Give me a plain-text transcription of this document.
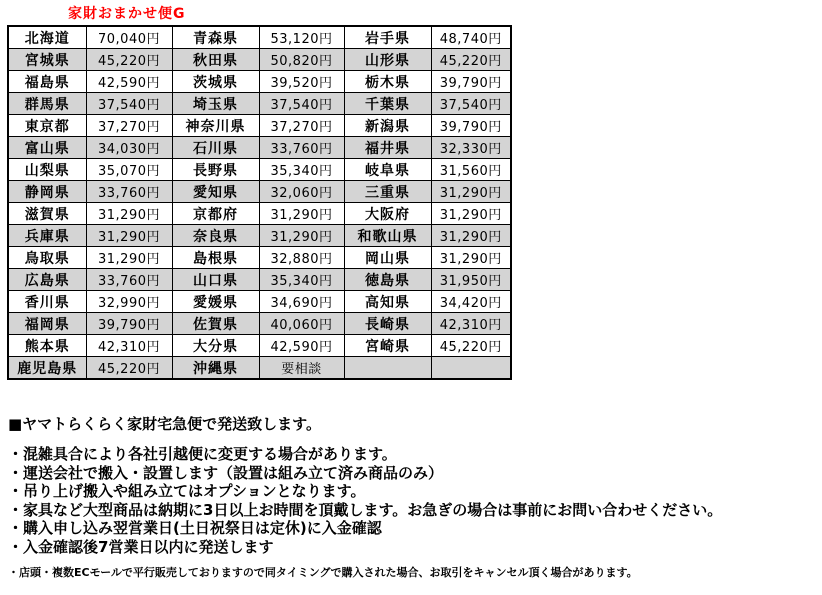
家財おまかせ便G
北海道	70,040円	青森県	53,120円	岩手県	48,740円
宮城県	45,220円	秋田県	50,820円	山形県	45,220円
福島県	42,590円	茨城県	39,520円	栃木県	39,790円
群馬県	37,540円	埼玉県	37,540円	千葉県	37,540円
東京都	37,270円	神奈川県	37,270円	新潟県	39,790円
富山県	34,030円	石川県	33,760円	福井県	32,330円
山梨県	35,070円	長野県	35,340円	岐阜県	31,560円
静岡県	33,760円	愛知県	32,060円	三重県	31,290円
滋賀県	31,290円	京都府	31,290円	大阪府	31,290円
兵庫県	31,290円	奈良県	31,290円	和歌山県	31,290円
鳥取県	31,290円	島根県	32,880円	岡山県	31,290円
広島県	33,760円	山口県	35,340円	徳島県	31,950円
香川県	32,990円	愛媛県	34,690円	高知県	34,420円
福岡県	39,790円	佐賀県	40,060円	長崎県	42,310円
熊本県	42,310円	大分県	42,590円	宮崎県	45,220円
鹿児島県	45,220円	沖縄県	要相談		
■ヤマトらくらく家財宅急便で発送致します。
・混雑具合により各社引越便に変更する場合があります。
・運送会社で搬入・設置します（設置は組み立て済み商品のみ）
・吊り上げ搬入や組み立てはオプションとなります。
・家具など大型商品は納期に3日以上お時間を頂戴します。お急ぎの場合は事前にお問い合わせください。
・購入申し込み翌営業日(土日祝祭日は定休)に入金確認
・入金確認後7営業日以内に発送します
・店頭・複数ECモールで平行販売しておりますので同タイミングで購入された場合、お取引をキャンセル頂く場合があります。
